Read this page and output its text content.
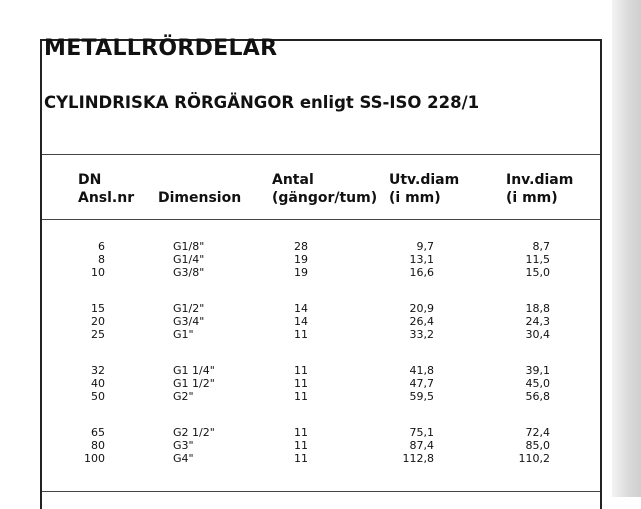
METALLRÖRDELAR
CYLINDRISKA RÖRGÄNGOR enligt SS-ISO 228/1
DN
Ansl.nr
Dimension
Antal
(gängor/tum)
Utv.diam
(i mm)
Inv.diam
(i mm)
6
8
10
G1/8"
G1/4"
G3/8"
28
19
19
9,7
13,1
16,6
8,7
11,5
15,0
15
20
25
G1/2"
G3/4"
G1"
14
14
11
20,9
26,4
33,2
18,8
24,3
30,4
32
40
50
G1 1/4"
G1 1/2"
G2"
11
11
11
41,8
47,7
59,5
39,1
45,0
56,8
65
80
100
G2 1/2"
G3"
G4"
11
11
11
75,1
87,4
112,8
72,4
85,0
110,2
